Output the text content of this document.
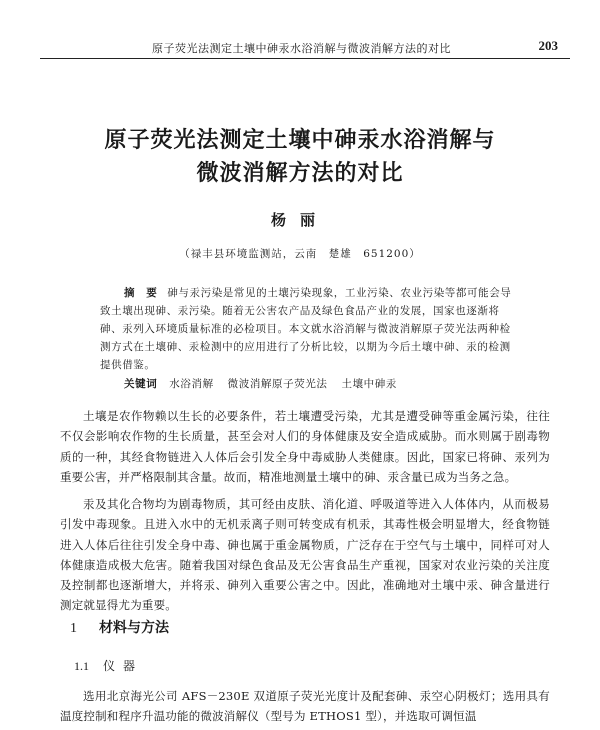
原子荧光法测定土壤中砷汞水浴消解与微波消解方法的对比	203
原子荧光法测定土壤中砷汞水浴消解与
微波消解方法的对比
杨丽
（禄丰县环境监测站，云南　楚雄　651200）
摘　要 砷与汞污染是常见的土壤污染现象，工业污染、农业污染等都可能会导致土壤出现砷、汞污染。随着无公害农产品及绿色食品产业的发展，国家也逐渐将砷、汞列入环境质量标准的必检项目。本文就水浴消解与微波消解原子荧光法两种检测方式在土壤砷、汞检测中的应用进行了分析比较，以期为今后土壤中砷、汞的检测提供借鉴。
关键词 水浴消解 微波消解原子荧光法 土壤中砷汞

土壤是农作物赖以生长的必要条件，若土壤遭受污染，尤其是遭受砷等重金属污染，往往不仅会影响农作物的生长质量，甚至会对人们的身体健康及安全造成威胁。而水则属于剧毒物质的一种，其经食物链进入人体后会引发全身中毒威胁人类健康。因此，国家已将砷、汞列为重要公害，并严格限制其含量。故而，精准地测量土壤中的砷、汞含量已成为当务之急。

汞及其化合物均为剧毒物质，其可经由皮肤、消化道、呼吸道等进入人体体内，从而极易引发中毒现象。且进入水中的无机汞离子则可转变成有机汞，其毒性极会明显增大，经食物链进入人体后往往引发全身中毒、砷也属于重金属物质，广泛存在于空气与土壤中，同样可对人体健康造成极大危害。随着我国对绿色食品及无公害食品生产重视，国家对农业污染的关注度及控制都也逐渐增大，并将汞、砷列入重要公害之中。因此，准确地对土壤中汞、砷含量进行测定就显得尤为重要。

1 材料与方法
1.1 仪器

选用北京海光公司 AFS－230E 双道原子荧光光度计及配套砷、汞空心阴极灯；选用具有温度控制和程序升温功能的微波消解仪（型号为 ETHOS1 型），并选取可调恒温
